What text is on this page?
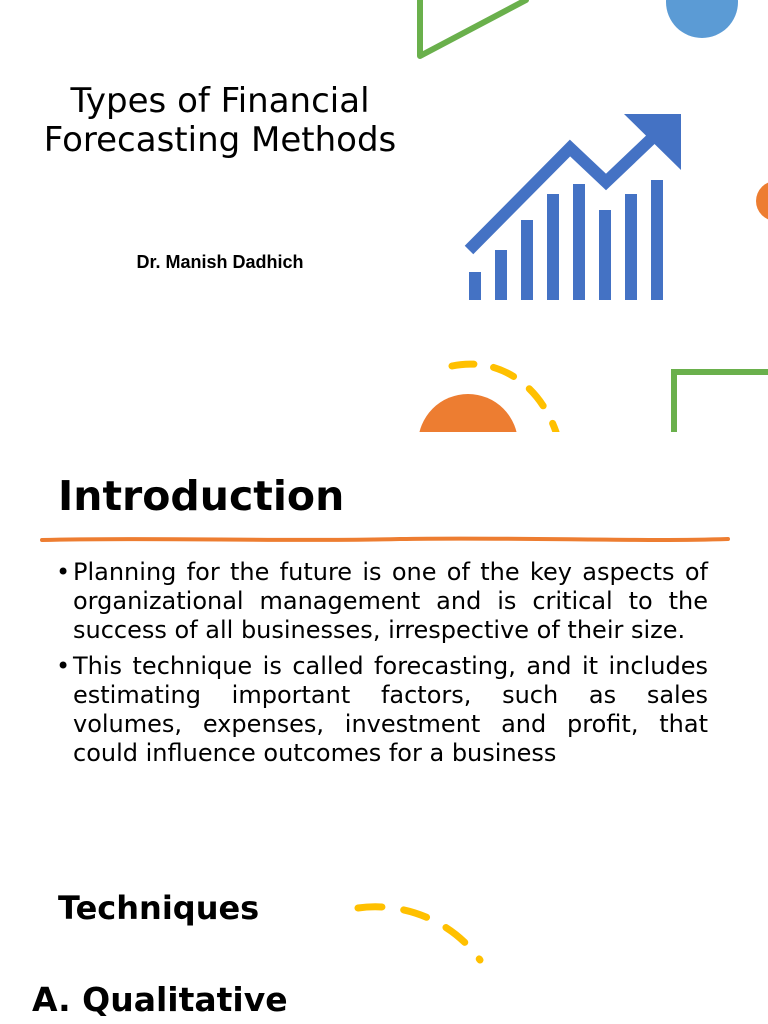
Types of Financial Forecasting Methods

Dr. Manish Dadhich

Introduction
• Planning for the future is one of the key aspects of organizational management and is critical to the success of all businesses, irrespective of their size.
• This technique is called forecasting, and it includes estimating important factors, such as sales volumes, expenses, investment and profit, that could influence outcomes for a business
Techniques
A. Qualitative
